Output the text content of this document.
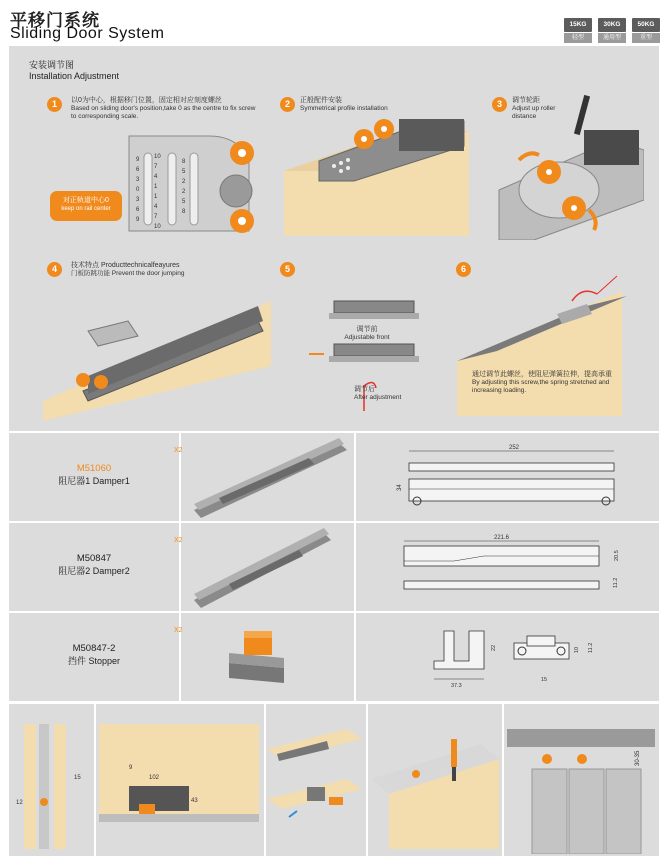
平移门系统
Sliding Door System
15KG
轻型
30KG
通用型
50KG
重型
安装调节图
Installation Adjustment
1	以0为中心，根据移门位置，固定相对应刻度螺丝
Based on sliding door's position,take 0 as the centre to fix screw to corresponding scale.
对正轨道中心0
keep on rail center
9
6
3
0
3
6
9
10
7
4
1
1
4
7
10
8
5
2
2
5
8
2	正般配件安装
Symmetrical profile installation	3	调节轮距
Adjust up roller distance
4	技术特点 Producttechnicalfeayures
门板防跳功能 Prevent the door jumping	5
调节前
Adjustable front
调节后
After adjustment
6
通过调节此螺丝，使阻尼弹簧拉伸，提高承重
By adjusting this screw,the spring stretched and increasing loading.
M51060
阻尼器1 Damper1
X2	252
34
M50847
阻尼器2 Damper2
X2	221.6
20.5
11.2
M50847-2
挡件 Stopper
X2
37.3
22
15
10 11.2
12
15
9
102
43
30-35
